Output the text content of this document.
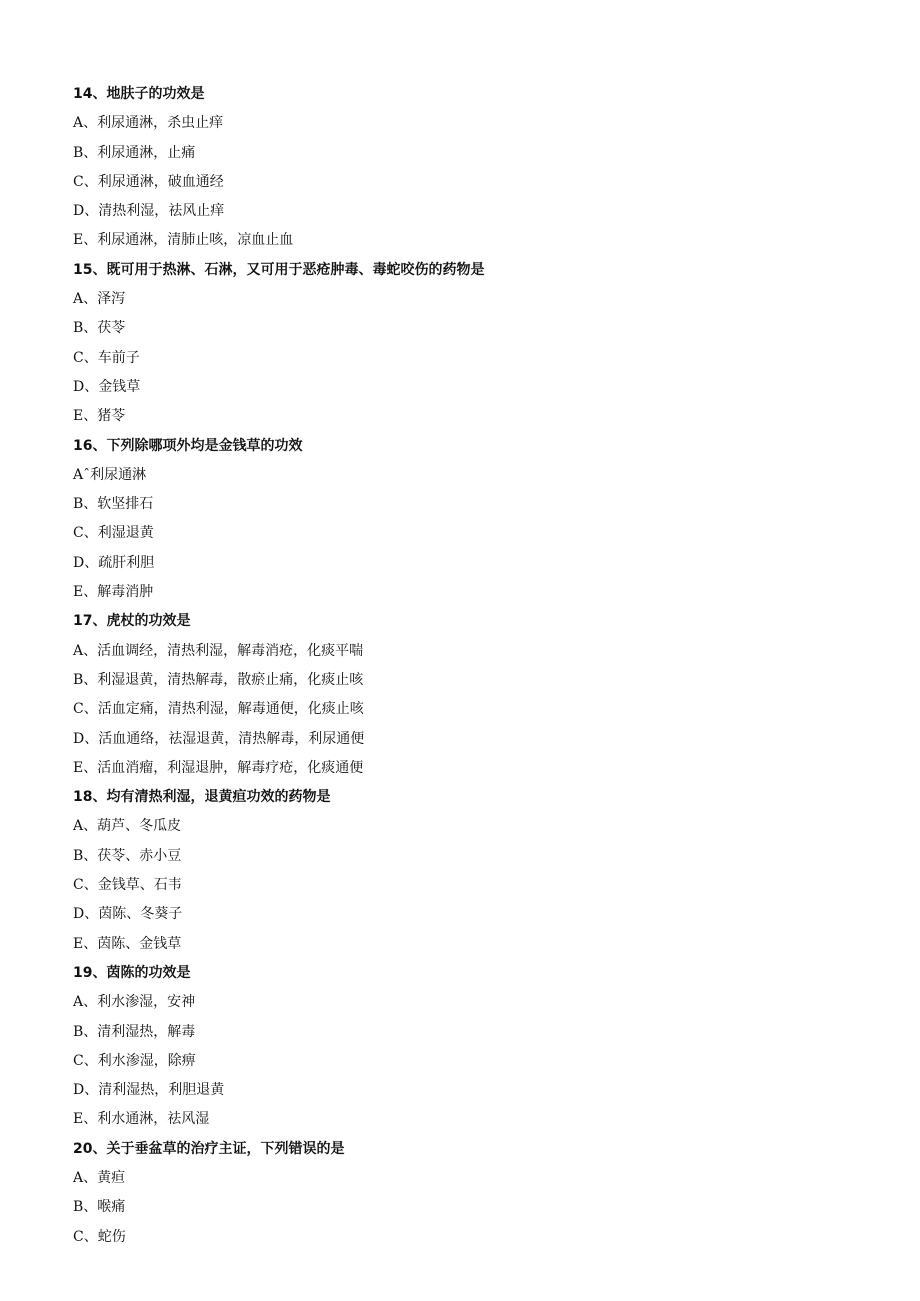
14、地肤子的功效是
A、利尿通淋，杀虫止痒
B、利尿通淋，止痛
C、利尿通淋，破血通经
D、清热利湿，祛风止痒
E、利尿通淋，清肺止咳，凉血止血
15、既可用于热淋、石淋，又可用于恶疮肿毒、毒蛇咬伤的药物是
A、泽泻
B、茯苓
C、车前子
D、金钱草
E、猪苓
16、下列除哪项外均是金钱草的功效
Aˆ利尿通淋
B、软坚排石
C、利湿退黄
D、疏肝利胆
E、解毒消肿
17、虎杖的功效是
A、活血调经，清热利湿，解毒消疮，化痰平喘
B、利湿退黄，清热解毒，散瘀止痛，化痰止咳
C、活血定痛，清热利湿，解毒通便，化痰止咳
D、活血通络，祛湿退黄，清热解毒，利尿通便
E、活血消瘤，利湿退肿，解毒疗疮，化痰通便
18、均有清热利湿，退黄疸功效的药物是
A、葫芦、冬瓜皮
B、茯苓、赤小豆
C、金钱草、石韦
D、茵陈、冬葵子
E、茵陈、金钱草
19、茵陈的功效是
A、利水渗湿，安神
B、清利湿热，解毒
C、利水渗湿，除痹
D、清利湿热，利胆退黄
E、利水通淋，祛风湿
20、关于垂盆草的治疗主证，下列错误的是
A、黄疸
B、喉痛
C、蛇伤
